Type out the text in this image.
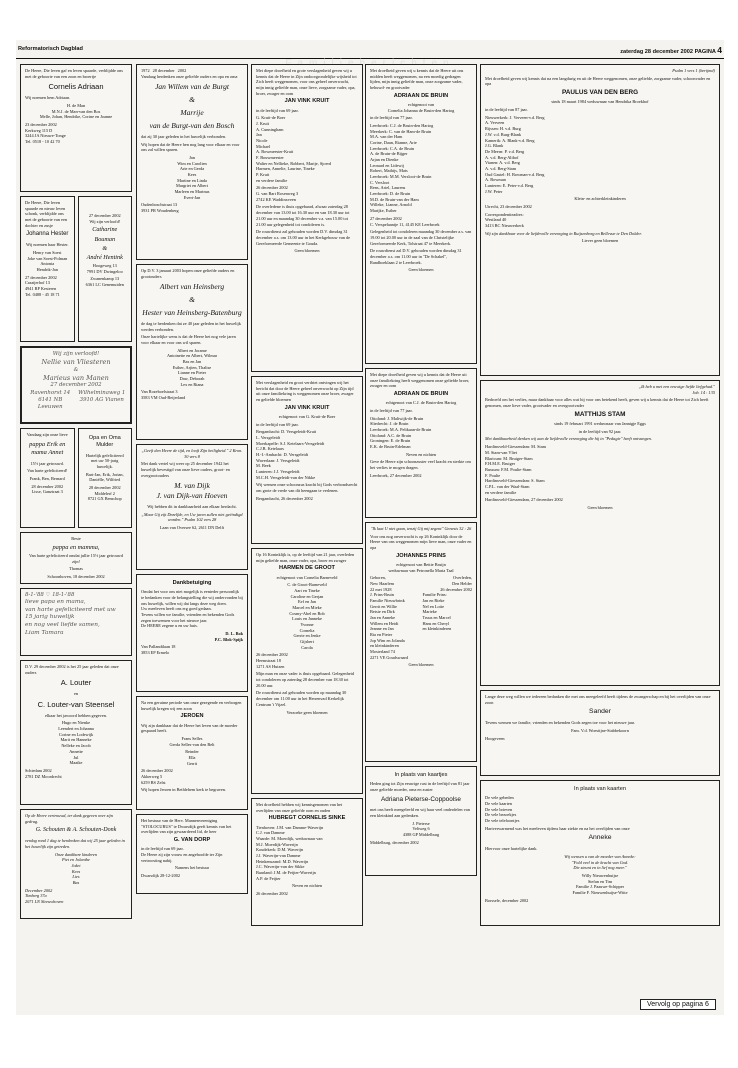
Reformatorisch Dagblad	zaterdag 28 december 2002 PAGINA 4

De Heere, Die leven gaf en leven spaarde, verblijdde ons met de geboorte van een zoon en broertje

Cornelis Adriaan

Wij noemen hem Adriaan.

H. de Man
M.N.J. de Man-van den Bos
Melle, Johan, Hendrike, Corine en Joanne

23 december 2002
Kerkweg 115 D
3244 JA Nieuwe-Tonge
Tel. 0518 - 10 42 70

De Heere, Die leven spaarde en nieuw leven schonk, verblijdde ons met de geboorte van een dochter en zusje

Johanna Hester

Wij noemen haar Hester.

Henry van Soest
Joke van Soest-Polman
Antonia
Hendrik-Jan

27 december 2002
Craaijerhof 13
4941 RP Kesteren
Tel. 0488 - 45 18 71

27 december 2002
Wij zijn verloofd!

Catharine
Bouman
&
André Hentink

Hoogeweg 13
7991 DV Dwingeloo

Zwanenkamp 13
6361 LC Genemuiden

Wij zijn verloofd!
Nellie van Vliesteren
&
Marieus van Manen
27 december 2002
Ravenhorst 14
6141 NB Leeuwen
Wilhelminaweg 1
3910 AG Vianen

Vandaag zijn onze lieve

pappa Erik en mama Annet

15½ jaar getrouwd.

Van harte gefeliciteerd!

Frank, Ben, Bernard

28 december 2002
Lisse, Ganztraat 3

Opa en Oma Mulder

Hartelijk gefeliciteerd met uw 50-jarig huwelijk.

Bart-Jan, Erik, Jorian, Daniëlle, Wilfried

28 december 2002
Middelerf 2
8721 GX Benschop

Beste

pappa en mamma,

Van harte gefeliciteerd omdat jullie 15½ jaar getrouwd zijn!

Thomas

Schoonhoven, 18 december 2002

8-1-'88 ♡ 18-1-'88
lieve papa en mama,
van harte gefeliciteerd met uw
15 jarig huwelijk
en nog veel liefde samen,
Liam Tamara

D.V. 29 december 2002 is het 25 jaar geleden dat onze ouders

A. Louter
en
C. Louter-van Steensel

elkaar het jawoord hebben gegeven.

Hugo en Nienke
Leendert en Johanna
Corine en Lodewijk
Marit en Hanneke
Nelleke en Jacob
Annette
Jul
Maaike

Schiedam 2002
2781 DZ Moordrecht

Op de Heere vertrouwd, ter dank gegeven over zijn gedrag.

G. Schouten & A. Schouten-Donk

verdag rond 1 dag te herdenken dat wij 25 jaar geleden in het huwelijk zijn getreden.

Onze dankbare kinderen
Piet en Jolanthe
Joket
Kees
Lies
Bas

December 2002
Timberg 37a
2071 LN Sleeuwhoven

1972 28 december 2002

Vandaag herdenken onze geliefde ouders en opa en oma

Jan Willem van de Burgt
&
Marrije
van de Burgt-van den Bosch

dat zij 30 jaar geleden in het huwelijk verbonden.

Wij hopen dat de Heere hen nog lang voor elkaar en voor ons zal willen sparen.

Jan
Wim en Carolien
Arie en Gerda
Kees
Martine en Linda
Margriet en Albert
Marleen en Marinus
Evert-Jan

Oudenboschstraat 13
3931 PR Woudenberg

Op D.V. 3 januari 2003 hopen onze geliefde ouders en grootouders

Albert van Heinsberg
&
Hester van Heinsberg-Batenburg

de dag te herdenken dat ze 40 jaar geleden in het huwelijk werden verbonden.

Onze hartelijke wens is dat de Heere het nog vele jaren voor elkaar en voor ons wil sparen.

Albert en Jorame
Antoinette en Albert, Wilmar
Bas en Jan
Esther, Arjien, Thalise
Lianne en Pieter
Daw, Deborah
Lex en Riana

Van Rozeboelstraat 3
3583 VM Oud-Beijerland

„Geeft den Heere de tijd, en looft Zijn heiligheid." 2 Kron. 30 vers 8

Met dank vertel wij weer op 25 december 1942 het huwelijk bevestigd van onze lieve ouders, groot- en overgrootouders

M. van Dijk
J. van Dijk-van Hoeven

Wij hebben dit in dankbaarheid aan elkaar herdacht.

„Maar Gij zijt Dezelfde, en Uw jaren zullen niet geëindigd worden." Psalm 102 vers 28

Laan van Oversee 62, 2611 DN Delft

Dankbetuiging

Omdat het voor ons niet mogelijk is eenieder persoonlijk te bedanken voor de belangstelling die wij ondervonden bij ons huwelijk, willen wij dat langs deze weg doen.
Uw meeleven heeft ons erg goed gedaan.
Tevens willen we familie, vrienden en bekenden Gods zegen toewensen voor het nieuwe jaar.
De HEERE zegene u en uw huis.

D. L. Bok
P.C. Blok-Spijk

Van Pallandtlaan 18
3853 EP Ermelo

Na een geruime periode van onze gezegende en verborgen huwelijk kregen wij een zoon

JEROEN

Wij zijn dankbaar dat de Heere het leven van de moeder gespaard heeft.

Frans Selles
Gerda Selles-van den Belt

Reinder
Ella
Gerrit

26 december 2002
Akkerweg 5
6259 BS Zelst

Wij hopen Jeroen in Bethlehem kerk te begraven.

Het bestuur van de Herv. Mannenvereniging "STOLOCURUS" te Dwarsdijk geeft kennis van het overlijden van zijn gewaardeerd lid, de heer

G. VAN DORP

in de leeftijd van 69 jaar.
De Heere zij zijn vrouw en angehoofde ter Zijn vertroosting nabij.

Namens het bestuur

Dwarsdijk 28-12-2002

Met diepe droefheid en grote verslagenheid geven wij u kennis dat de Heere in Zijn ondoorgrondelijke wijsheid tot Zich heeft weggenomen, voor ons geheel onverwacht, mijn innig geliefde man, onze lieve, zorgzame vader, opa, broer, zwager en oom

JAN VINK KRUIT

in de leeftijd van 69 jaar.

G. Kruit-de Boer
J. Kruit
A. Cunningham
Jan
Nicole
Michael
A. Bowmeester-Kruit
F. Bouwmeester
Walter en Nellieke, Robbert, Marije, Sjoerd
Harmen, Annelie, Laurine, Tineke
P. Kruit
en verdere familie

26 december 2002
G. van Bart Rosenweg 3
2742 KE Waddinxveen

De overledene is thuis opgebaard, alwaar zaterdag 28 december van 13.00 tot 16.30 uur en van 18.30 uur tot 21.00 uur en maandag 30 december v.a. van 15.00 tot 21.00 uur gelegenheid tot condoleren is.

De rouwdienst zal gehouden worden D.V. dinsdag 31 december a.s. om 13.00 uur in het Kerkgebouw van de Gereformeerde Gemeente te Gouda.

Geen bloemen

Met verslagenheid en groot verdriet ontvingen wij het bericht dat door de Heere geheel onverwacht op Zijn tijd uit onze familiekring is weggenomen onze broer, zwager en geliefde bloemen

JAN VINK KRUIT

echtgenoot van G. Kruit-de Boer

in de leeftijd van 69 jaar.

Bergambacht: D. Versgeleidt-Kruit
L. Versgeleidt
Moerkapelle: S.J. Ketelaars-Versgeleidt
C.J.B. Ketelaars
H.-I.-Ambacht: D. Versgeleidt
Waverlaan: J. Versgeleidt
M. Beek
Lunteren: J.J. Versgeleidt
M.C.H. Versgeleidt-van der Nikke

Wij wensen onze schoonzus kracht bij Gods verbondsrecht om grote de vrede van dit heengaan te verlenen.

Bergambacht, 26 december 2002

Op 16 Koninklijk is, op de leeftijd van 21 jaar, overleden mijn geliefde man, onze vader, opa, broer en zwager

HARMEN DE GROOT

echtgenoot van Cornelia Barneveld

C. de Groot-Barneveld
Aart en Tineke
Caroline en Gerjan
Eef en Jan
Marcel en Mieke
Cosmy-Abel en Bob
Louis en Janneke
Yvonne
Cornelia
Gerrie en Jenke
Gijsbert
Carola

26 december 2002
Heemstraat 18
1271 AS Huizen

Mijn man en onze vader is thuis opgebaard. Gelegenheid tot condoleren op zaterdag 28 december van 18.30 tot 20.00 uur.

De rouwdienst zal gehouden worden op maandag 30 december om 11.00 uur in het Herrenvad Kerkelijk Centrum 't Vijzel.

Verzoeke geen bloemen

Met droefheid hebben wij kennisgenomen van het overlijden van onze geliefde oom en ouden

HUBREGT CORNELIS SINKE

Tienhoven: J.M. van Damme-Waverijn
C.J. van Damme
Waarde: M. Moerdijk, weduwnaar van
M.J. Moerdijk-Waverijn
Koudekerk: D.M. Waverijn
J.J. Waverijn-van Damme
Heinkenszand: M.D. Waverijn
J.C. Waverijn-van der Sikke
Baarland: J.M. de Feijter-Waverijn
A.P. de Feijter

Neven en nichten

26 december 2002

Met droefheid geven wij u kennis dat de Heere uit ons midden heeft weggenomen, na een moedig gedragen lijden, mijn innig geliefde man, onze zorgzame vader, behuwd- en grootvader

ADRIAAN DE BRUIN

echtgenoot van
Cornelia Johanna de Bruin-den Hartog

in de leeftijd van 77 jaar.

Leerbroek: C.J. de Bruin-den Hartog
Meerkerk: C. van de Ham-de Bruin
M.A. van der Ham
Corine, Daan, Rianne, Arie
Leerbroek: C.A. de Bruin
A. de Bruin-de Bijger
Arjan en Dienke
Leonard en Lidewij
Robert, Mathijs, Mats
Leerbroek: M.M. Versloot-de Bruin
C. Versloot
Rens, Ariel, Laurens
Leerbroek: D. de Bruin
M.D. de Bruin-van der Ham
Willeke, Lianne, Arnold
Marijke, Esther

27 december 2002
C. Verspelaantje 11, 4145 KE Leerbroek

Gelegenheid tot condoleren maandag 30 december a.s. van 19.00 tot 20.00 uur in de zaal van de Christelijke Gereformeerde Kerk, Tolstraat 47 te Meerkerk.

De rouwdienst zal D.V. gehouden worden dinsdag 31 december a.s. om 11.00 uur in "De Schakel", Randhoeklaan 2 te Leerbroek.

Geen bloemen

Met diepe droefheid geven wij u kennis dat de Heere uit onze familiekring heeft weggenomen onze geliefde broer, zwager en oom

ADRIAAN DE BRUIN

echtgenoot van C.J. de Bruin-den Hartog

in de leeftijd van 77 jaar.

Ottoland: J. Maliwijk-de Bruin
Sliedrecht: J. de Bruin
Leerbroek: M.A. Pelikaan-de Bruin
Ottoland: A.C. de Bruin
Groningen: E. de Bruin
E.K. de Bruin-Edelman

Neven en nichten

Geve de Heere zijn schoonzuster veel kracht en sterkte om het verlies te mogen dragen.

Leerbroek, 27 december 2002

"Ik laat U niet gaan, tenzij Gij mij zegent" Genesis 32 : 26

Voor ons nog onverwacht is op 26 Koninklijk door de Heere van ons weggenomen mijn lieve man, onze vader en opa

JOHANNES PRINS

echtgenoot van Bettie Bruijn
weduwnaar van Petronella Maria Taal

Geboren,
New Haarlem
22 mei 1928
Overleden,
Den Helder
26 december 2002
J. Prins-Bruin
Familie Nieuwbrink
Gerrit en Willie
Betsie en Dirk
Jan en Anneke
Willem en Heidi
Jeanne en Jan
Ria en Pieter
Jop Wim en Jolanda
en kleinkinderen
Familie Prins:
Jan en Rieke
Nel en Lotte
Marieke
Truus en Marcel
Hans en Cheryl
en kleinkinderen

Mosterland 74
2271 VE Goudswaard

Geen bloemen

In plaats van kaartjes

Heden ging tot Zijn eeuwige rust in de leeftijd van 81 jaar onze geliefde moeder, oma en zuster

Adriana Pieterse-Coppoolse

met ons heeft meegeleefd en wij haar veel onderdelen van een kleinkind aan gedenken.

J. Pieterse
Veltweg 6
4388 GP Middelburg

Middelburg, december 2002

Psalm 1 vers 1 (berijmd)

Met droefheid geven wij kennis dat na een langdurig en uit de Heere weggenomen, onze geliefde, zorgzame vader, schoonvader en opa

PAULUS VAN DEN BERG

sinds 18 maart 1984 weduwnaar van Hendrika Broekhof

in de leeftijd van 87 jaar.

Nieuwerkerk: J. Verveen-v.d. Berg
A. Verveen
Rijssen: H. v.d. Burg
J.W. v.d. Burg-Blank
Kamerik: A. Blank-v.d. Berg
J.G. Blank
De Meern: P. v.d. Berg
A. v.d. Berg-Alibof
Vianen: A. v.d. Berg
A. v.d. Berg-Stam
Oud Gastel: H. Bowman-v.d. Berg
A. Bowman
Lunteren: E. Peter-v.d. Berg
J.W. Peter

Klein- en achterkleinkinderen

Utrecht, 23 december 2002

Correspondentieadres:
Westland 40
3413 BC Nieuwerkerk

Wij zijn dankbaar voor de liefdevolle verzorging in Ruijsenborg en Bellevue te Den Dolder.

Liever geen bloemen

„Ik heb u met een eeuwige liefde liefgehad."
Job. 14 : 135

Bedroefd om het verlies, maar dankbaar voor alles wat hij voor ons betekend heeft, geven wij u kennis dat de Heere tot Zich heeft genomen, onze lieve vader, grootvader en overgrootvader

MATTHIJS STAM

sinds 19 februari 1991 weduwnaar van Jannigje Eggs

in de leeftijd van 92 jaar.

Met dankbaarheid denken wij aan de liefdevolle verzorging die hij in "Pedagie" heeft ontvangen.

Hardinxveld-Giessendam: M. Stam
M. Stam-van Vliet
Blaricum: M. Bruiger-Stam
F.H.M.E. Bruiger
Bussum: F.M. Poulie-Stam
F. Poulie
Hardinxveld-Giessendam: S. Stam
C.P.L. van der Waal-Stam
en verdere familie

Hardinxveld-Giessendam, 27 december 2002

Geen bloemen

Lange deze weg willen we iedereen bedanken die met ons meegeleefd heeft tijdens de zwangerschap en bij het overlijden van onze zoon

Sander

Tevens wensen we familie, vrienden en bekenden Gods zegen toe voor het nieuwe jaar.

Fam. V.d. Woestijne-Stabbekoorn

Hoogeveen

In plaats van kaarten

De vele gebeden
De vele kaarten
De vele brieven
De vele bezoekjes
De vele telefoontjes

Hartverwarmend was het meeleven tijdens haar ziekte en na het overlijden van onze

Anneke

Hiervoor onze hartelijke dank.

Wij wensen u van de moeder van Anneke:
"Fold veel in de kracht van God.
Die steunt en in lief nog meer."

Willy Nieuwenhuijse
Stefan en Tim
Familie J. Paauwe-Schipper
Familie F. Nieuwenhuijse-Witte

Borssele, december 2002

Vervolg op pagina 6
